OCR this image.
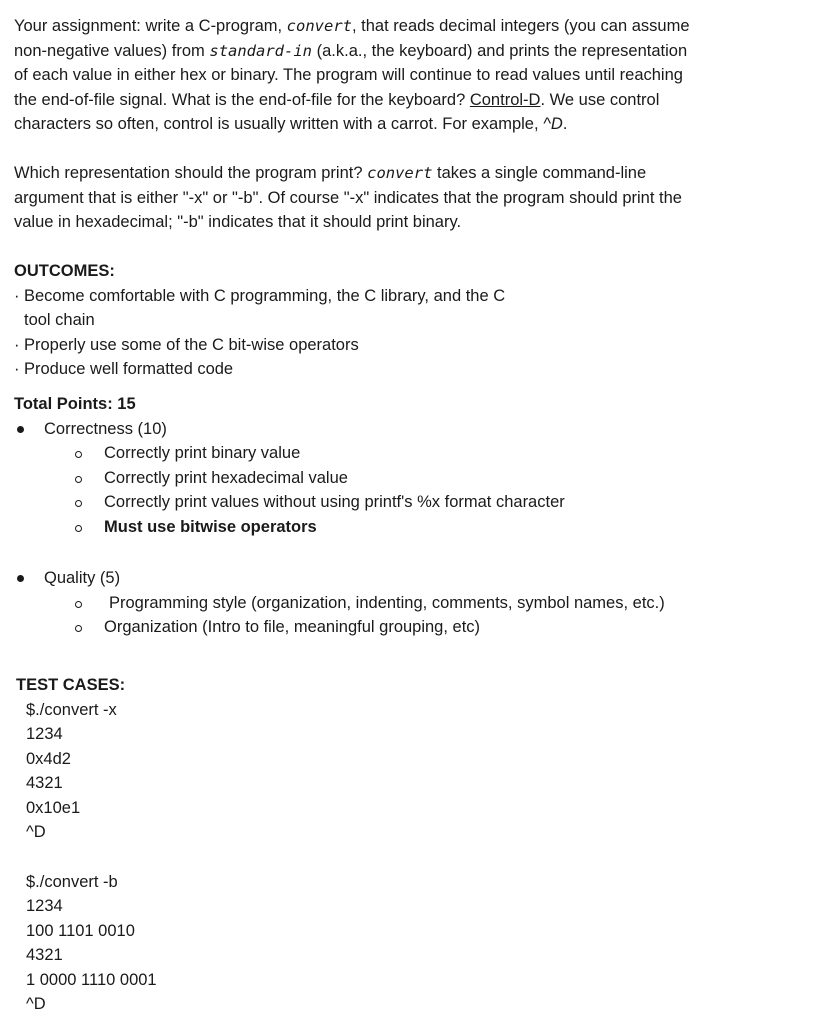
Your assignment: write a C-program, convert, that reads decimal integers (you can assume

non-negative values) from standard-in (a.k.a., the keyboard) and prints the representation

of each value in either hex or binary. The program will continue to read values until reaching

the end-of-file signal. What is the end-of-file for the keyboard? Control-D. We use control

characters so often, control is usually written with a carrot. For example, ^D.

Which representation should the program print? convert takes a single command-line

argument that is either "-x" or "-b". Of course "-x" indicates that the program should print the

value in hexadecimal; "-b" indicates that it should print binary.

OUTCOMES:

· Become comfortable with C programming, the C library, and the C

tool chain

· Properly use some of the C bit-wise operators

· Produce well formatted code

Total Points: 15

Correctness (10)

Correctly print binary value

Correctly print hexadecimal value

Correctly print values without using printf's %x format character

Must use bitwise operators

Quality (5)

Programming style (organization, indenting, comments, symbol names, etc.)

Organization (Intro to file, meaningful grouping, etc)

TEST CASES:

$./convert -x

1234

0x4d2

4321

0x10e1

^D

$./convert -b

1234

100 1101 0010

4321

1 0000 1110 0001

^D
